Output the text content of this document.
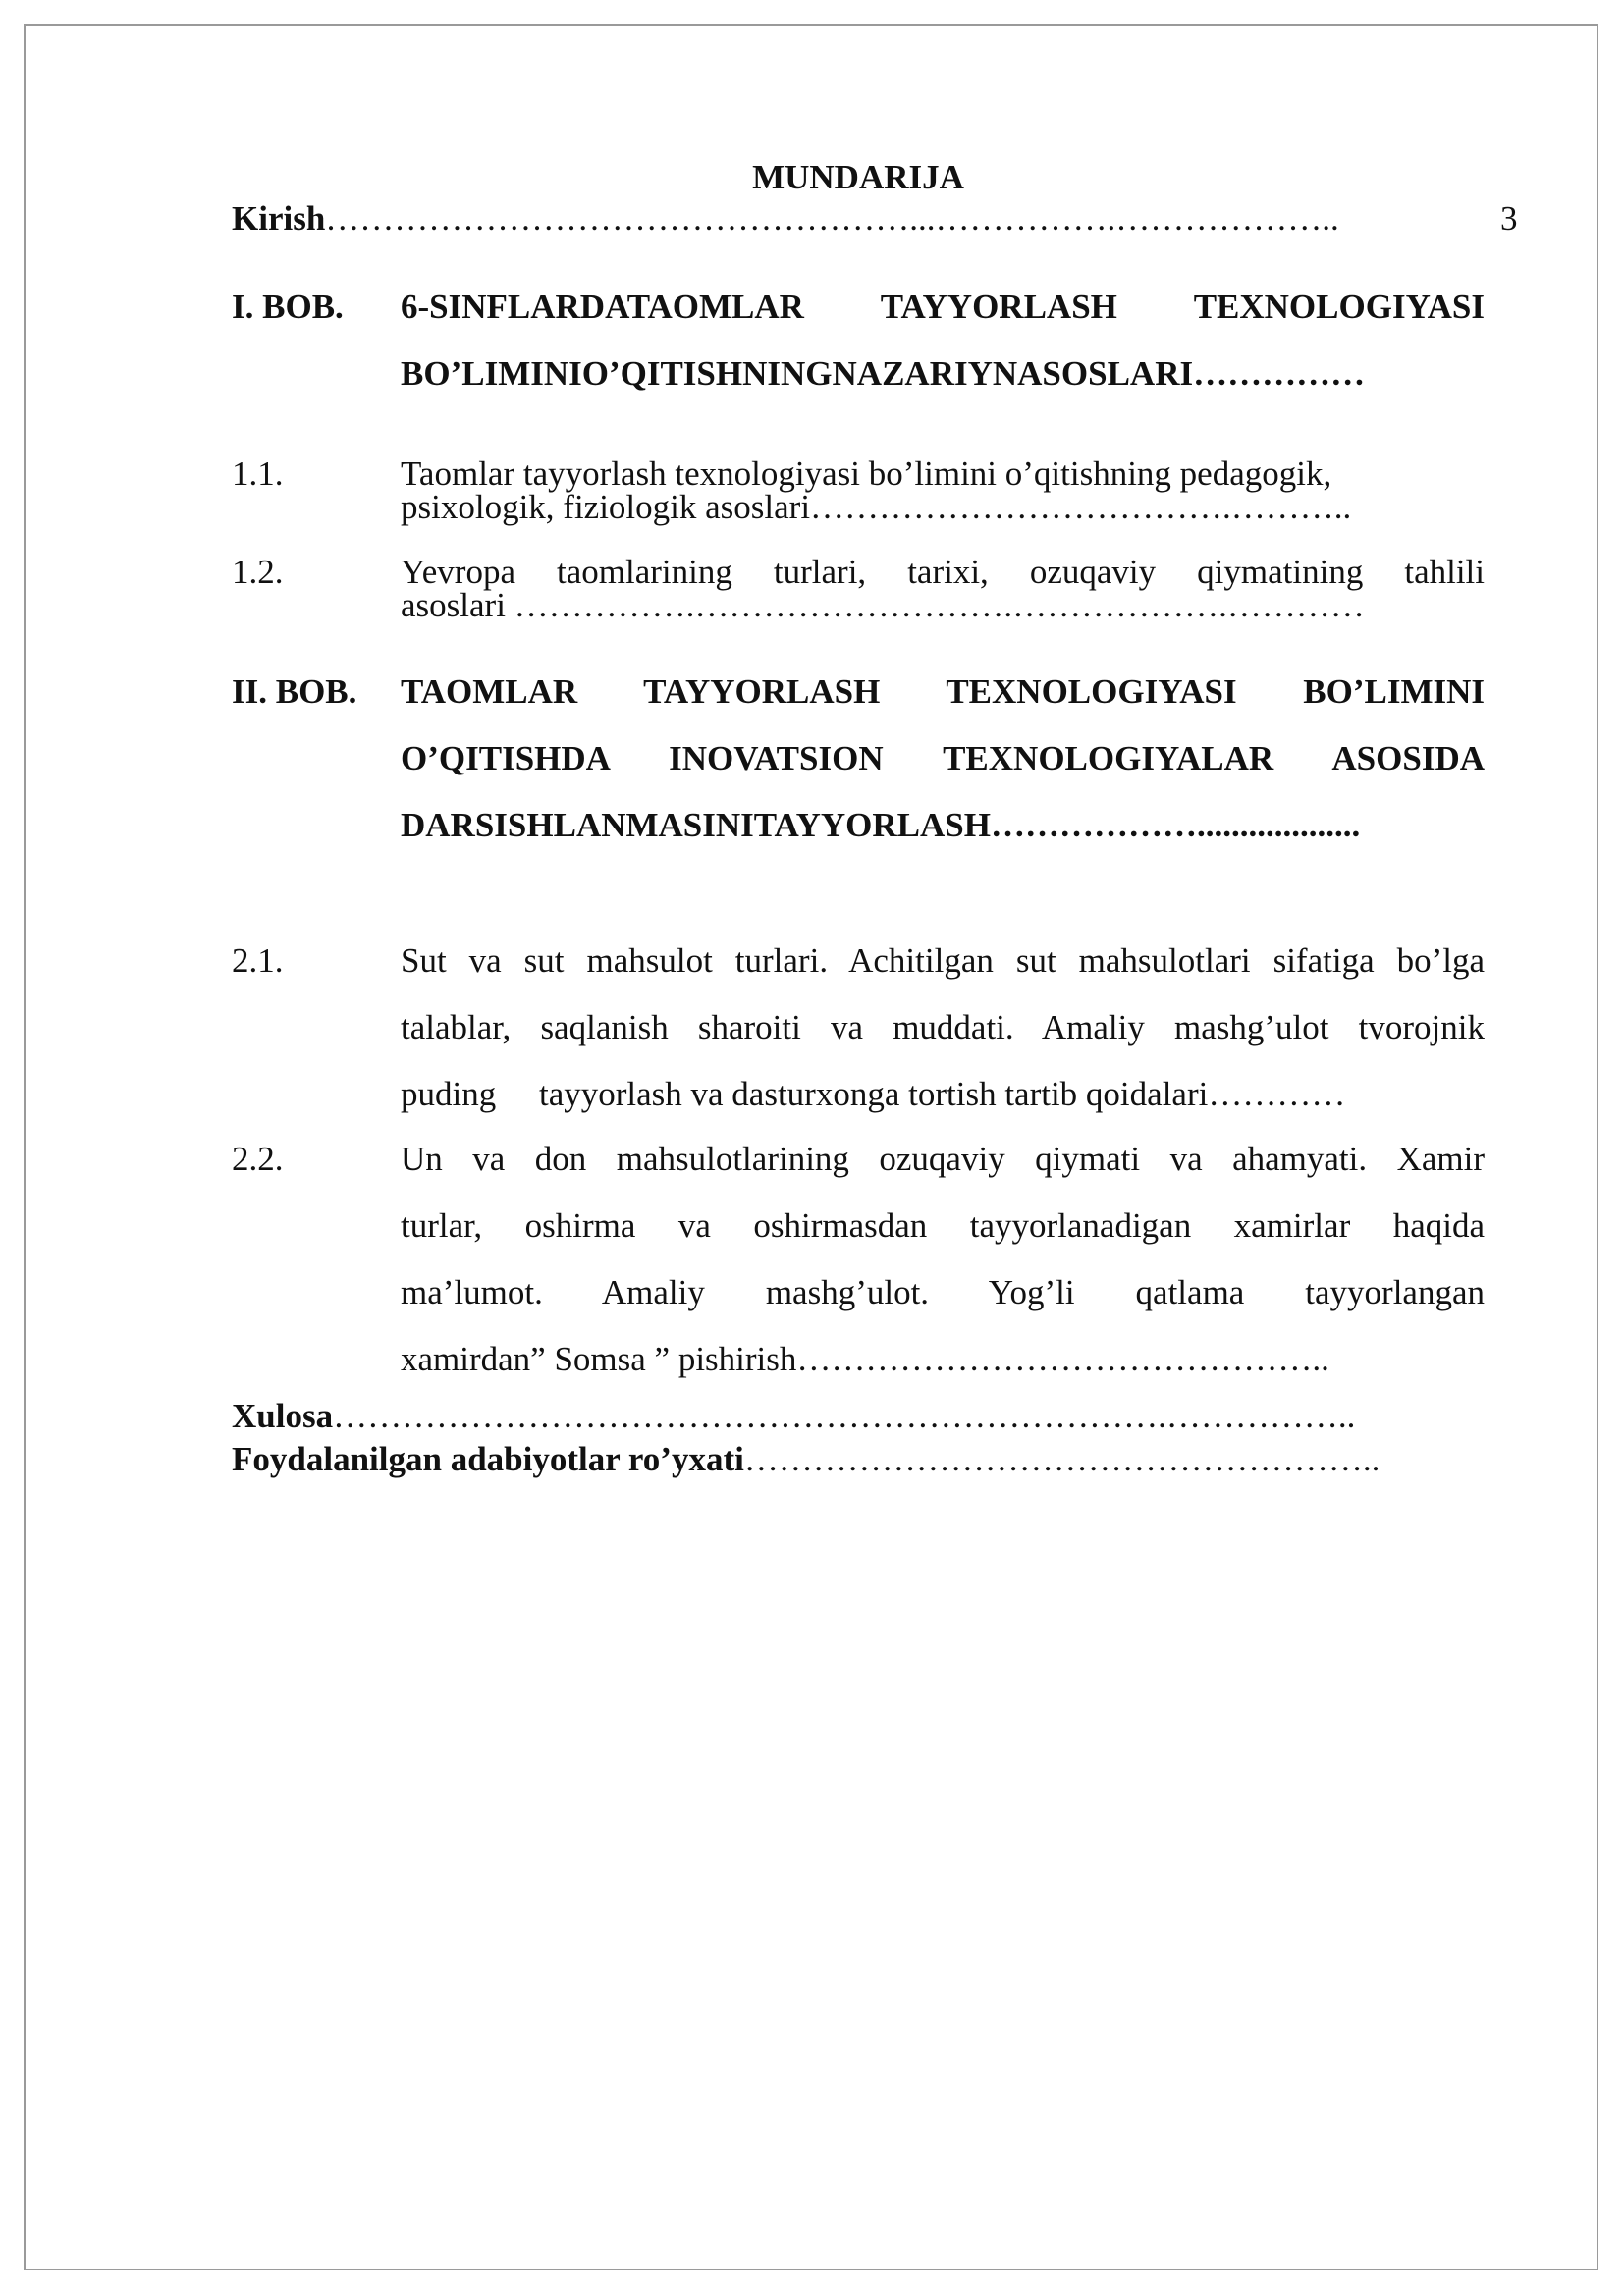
MUNDARIJA
Kirish……………………………………………...…………….………………..	3
I. BOB. 6-SINFLARDATAOMLAR TAYYORLASH TEXNOLOGIYASI
BO’LIMINIO’QITISHNINGNAZARIYNASOSLARI……………
1.1.	Taomlar tayyorlash texnologiyasi bo’limini o’qitishning pedagogik,
psixologik, fiziologik asoslari……………………………….………..
1.2.	Yevropa taomlarining turlari, tarixi, ozuqaviy qiymatining tahlili
asoslari …………….……………………….……………….…………
II. BOB. TAOMLAR TAYYORLASH TEXNOLOGIYASI BO’LIMINI
O’QITISHDA INOVATSION TEXNOLOGIYALAR ASOSIDA
DARSISHLANMASINITAYYORLASH………………...................
2.1.	Sut va sut mahsulot turlari. Achitilgan sut mahsulotlari sifatiga bo’lga
talablar, saqlanish sharoiti va muddati. Amaliy mashg’ulot tvorojnik
puding     tayyorlash va dasturxonga tortish tartib qoidalari…………
2.2.	Un va don mahsulotlarining ozuqaviy qiymati va ahamyati. Xamir
turlar, oshirma va oshirmasdan tayyorlanadigan xamirlar haqida
ma’lumot. Amaliy mashg’ulot. Yog’li qatlama tayyorlangan
xamirdan” Somsa ” pishirish………………………………………..
Xulosa……………………………………………………………….……………..
Foydalanilgan adabiyotlar ro’yxati………………………………………………..
